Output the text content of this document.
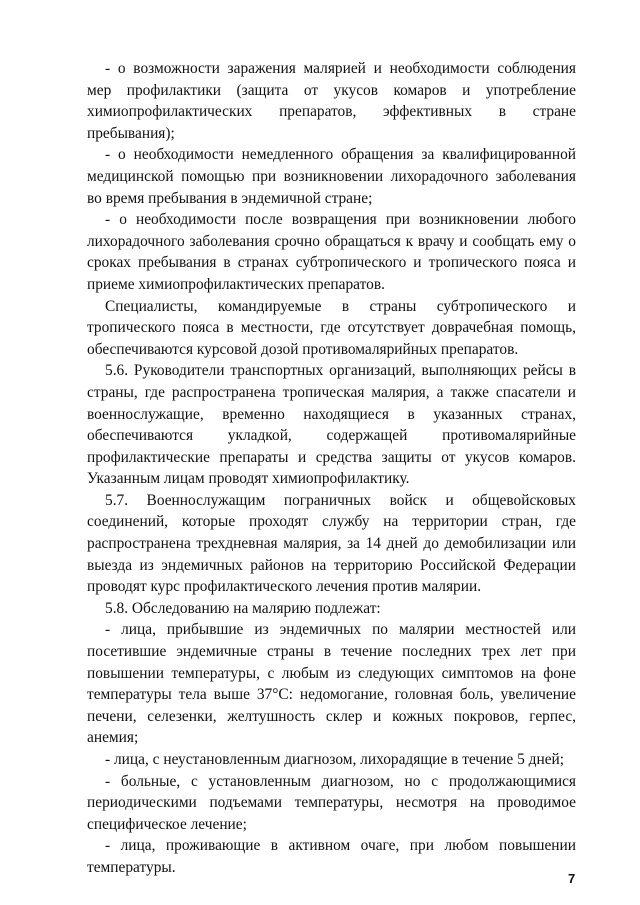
- о возможности заражения малярией и необходимости соблюдения мер профилактики (защита от укусов комаров и употребление химиопрофилактических препаратов, эффективных в стране пребывания);

- о необходимости немедленного обращения за квалифицированной медицинской помощью при возникновении лихорадочного заболевания во время пребывания в эндемичной стране;

- о необходимости после возвращения при возникновении любого лихорадочного заболевания срочно обращаться к врачу и сообщать ему о сроках пребывания в странах субтропического и тропического пояса и приеме химиопрофилактических препаратов.

Специалисты, командируемые в страны субтропического и тропического пояса в местности, где отсутствует доврачебная помощь, обеспечиваются курсовой дозой противомалярийных препаратов.

5.6. Руководители транспортных организаций, выполняющих рейсы в страны, где распространена тропическая малярия, а также спасатели и военнослужащие, временно находящиеся в указанных странах, обеспечиваются укладкой, содержащей противомалярийные профилактические препараты и средства защиты от укусов комаров. Указанным лицам проводят химиопрофилактику.

5.7. Военнослужащим пограничных войск и общевойсковых соединений, которые проходят службу на территории стран, где распространена трехдневная малярия, за 14 дней до демобилизации или выезда из эндемичных районов на территорию Российской Федерации проводят курс профилактического лечения против малярии.

5.8. Обследованию на малярию подлежат:

- лица, прибывшие из эндемичных по малярии местностей или посетившие эндемичные страны в течение последних трех лет при повышении температуры, с любым из следующих симптомов на фоне температуры тела выше 37°С: недомогание, головная боль, увеличение печени, селезенки, желтушность склер и кожных покровов, герпес, анемия;

- лица, с неустановленным диагнозом, лихорадящие в течение 5 дней;

- больные, с установленным диагнозом, но с продолжающимися периодическими подъемами температуры, несмотря на проводимое специфическое лечение;

- лица, проживающие в активном очаге, при любом повышении температуры.

7
